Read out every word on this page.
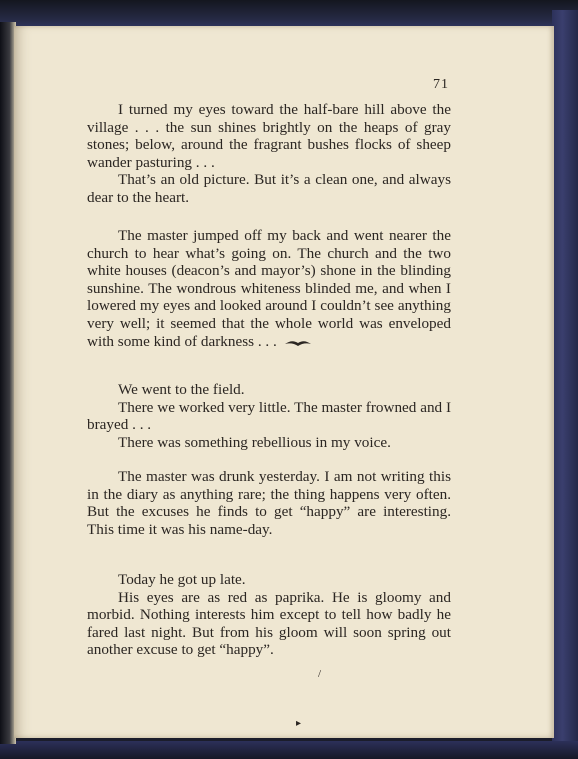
71

I turned my eyes toward the half-bare hill above the village . . . the sun shines brightly on the heaps of gray stones; below, around the fragrant bushes flocks of sheep wander pasturing . . .

That’s an old picture. But it’s a clean one, and always dear to the heart.

The master jumped off my back and went nearer the church to hear what’s going on. The church and the two white houses (deacon’s and mayor’s) shone in the blinding sunshine. The wondrous whiteness blinded me, and when I lowered my eyes and looked around I couldn’t see anything very well; it seemed that the whole world was enveloped with some kind of darkness . . .

We went to the field.

There we worked very little. The master frowned and I brayed . . .

There was something rebellious in my voice.

The master was drunk yesterday. I am not writing this in the diary as anything rare; the thing happens very often. But the excuses he finds to get “happy” are interesting. This time it was his name-day.

Today he got up late.

His eyes are as red as paprika. He is gloomy and morbid. Nothing interests him except to tell how badly he fared last night. But from his gloom will soon spring out another excuse to get “happy”.

▸
/
